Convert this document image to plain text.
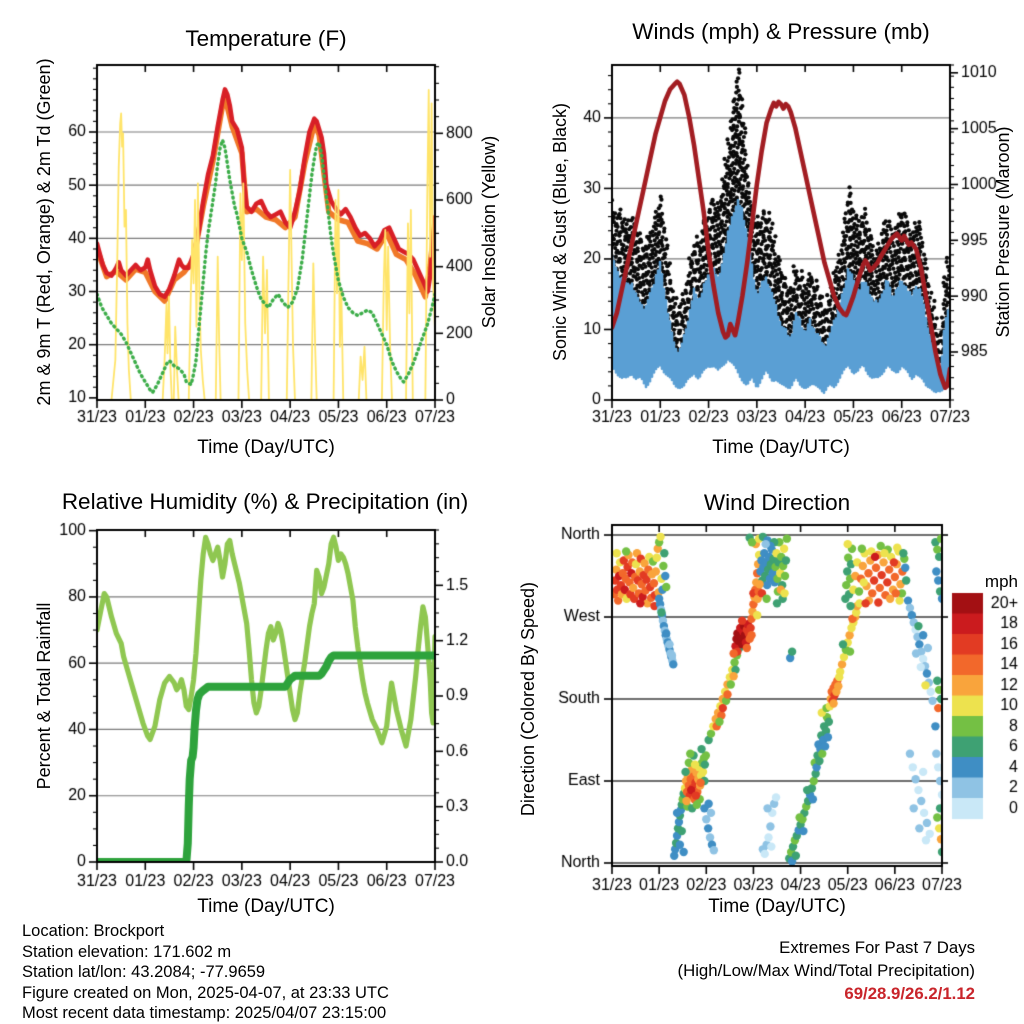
Temperature (F)	Winds (mph) & Pressure (mb)
Relative Humidity (%) & Precipitation (in)	Wind Direction
Time (Day/UTC)	Time (Day/UTC)
Time (Day/UTC)	Time (Day/UTC)
2m & 9m T (Red, Orange) & 2m Td (Green)	Solar Insolation (Yellow)	Sonic Wind & Gust (Blue, Black)	Station Pressure (Maroon)
Percent & Total Rainfall	Direction (Colored By Speed)
mph
Location: Brockport
Station elevation: 171.602 m
Station lat/lon: 43.2084; -77.9659
Figure created on Mon, 2025-04-07, at 23:33 UTC
Most recent data timestamp: 2025/04/07 23:15:00
Extremes For Past 7 Days
(High/Low/Max Wind/Total Precipitation)
69/28.9/26.2/1.12
